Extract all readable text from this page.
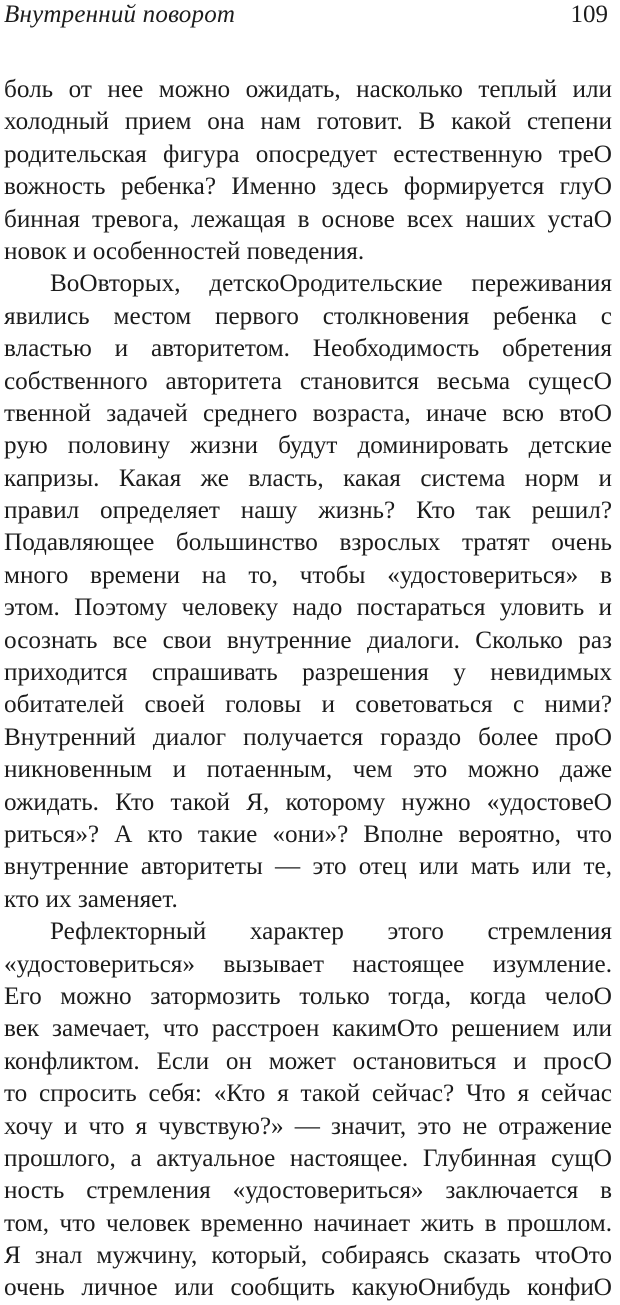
Внутренний поворот	109
боль от нее можно ожидать, насколько теплый или
холодный прием она нам готовит. В какой степени
родительская фигура опосредует естественную треO
вожность ребенка? Именно здесь формируется глуO
бинная тревога, лежащая в основе всех наших устаO
новок и особенностей поведения.
ВоOвторых, детскоOродительские переживания
явились местом первого столкновения ребенка с
властью и авторитетом. Необходимость обретения
собственного авторитета становится весьма сущесO
твенной задачей среднего возраста, иначе всю втоO
рую половину жизни будут доминировать детские
капризы. Какая же власть, какая система норм и
правил определяет нашу жизнь? Кто так решил?
Подавляющее большинство взрослых тратят очень
много времени на то, чтобы «удостовериться» в
этом. Поэтому человеку надо постараться уловить и
осознать все свои внутренние диалоги. Сколько раз
приходится спрашивать разрешения у невидимых
обитателей своей головы и советоваться с ними?
Внутренний диалог получается гораздо более проO
никновенным и потаенным, чем это можно даже
ожидать. Кто такой Я, которому нужно «удостовеO
риться»? А кто такие «они»? Вполне вероятно, что
внутренние авторитеты — это отец или мать или те,
кто их заменяет.
Рефлекторный характер этого стремления
«удостовериться» вызывает настоящее изумление.
Его можно затормозить только тогда, когда челоO
век замечает, что расстроен какимOто решением или
конфликтом. Если он может остановиться и просO
то спросить себя: «Кто я такой сейчас? Что я сейчас
хочу и что я чувствую?» — значит, это не отражение
прошлого, а актуальное настоящее. Глубинная сущO
ность стремления «удостовериться» заключается в
том, что человек временно начинает жить в прошлом.
Я знал мужчину, который, собираясь сказать чтоOто
очень личное или сообщить какуюOнибудь конфиO
